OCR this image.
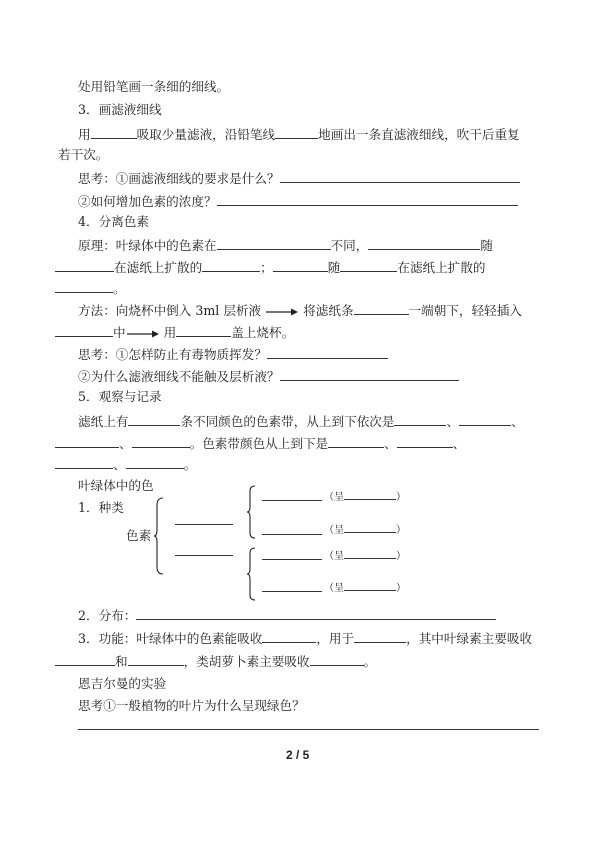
处用铅笔画一条细的细线。
3．画滤液细线
用	吸取少量滤液，沿铅笔线	地画出一条直滤液细线，吹干后重复
若干次。
思考：①画滤液细线的要求是什么？
②如何增加色素的浓度？
4．分离色素
原理：叶绿体中的色素在	不同，	随
在滤纸上扩散的	；	随	在滤纸上扩散的
。
方法：向烧杯中倒入 3ml 层析液	将滤纸条	一端朝下，轻轻插入
中	用	盖上烧杯。
思考：①怎样防止有毒物质挥发？
②为什么滤液细线不能触及层析液？
5．观察与记录
滤纸上有	条不同颜色的色素带，从上到下依次是	、	、
、	。色素带颜色从上到下是	、	、
、	。
叶绿体中的色
1．种类
色素
（呈	）
（呈	）
（呈	）
（呈	）
2．分布：
3．功能：叶绿体中的色素能吸收	，用于	，其中叶绿素主要吸收
和	，类胡萝卜素主要吸收	。
恩吉尔曼的实验
思考①一般植物的叶片为什么呈现绿色？
2 / 5
